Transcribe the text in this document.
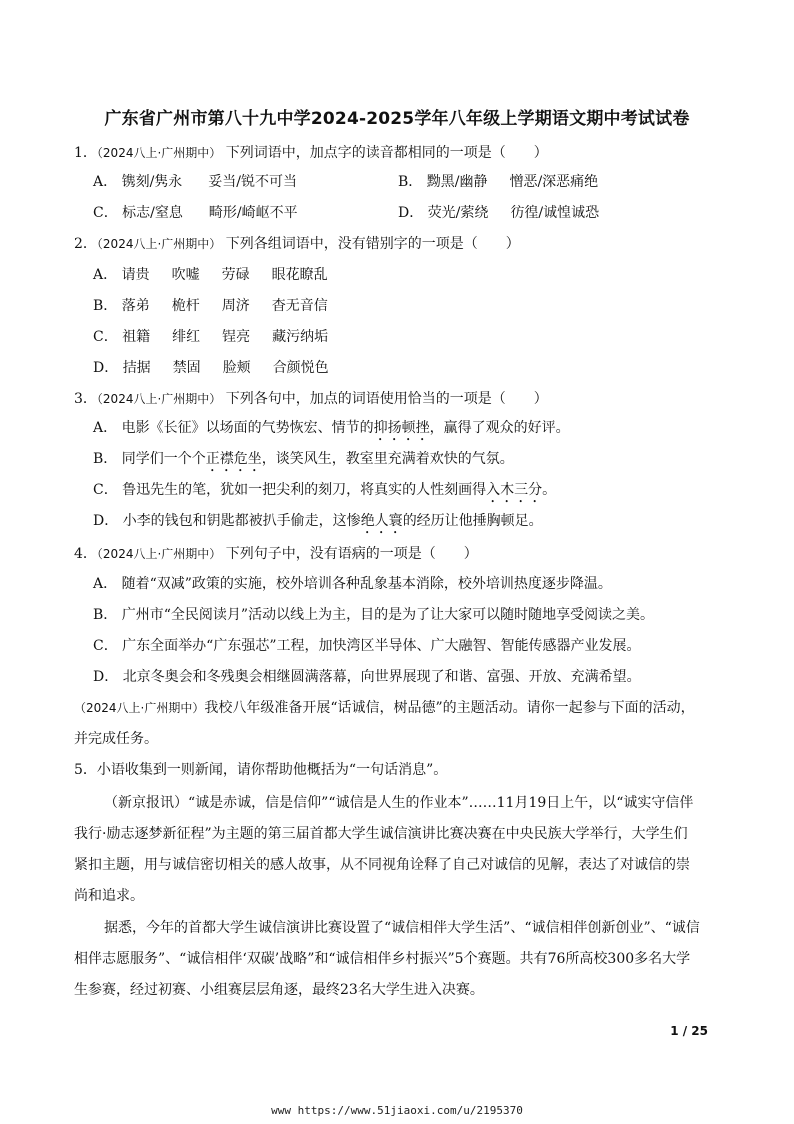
广东省广州市第八十九中学2024-2025学年八年级上学期语文期中考试试卷
1．（2024八上·广州期中） 下列词语中，加点字的读音都相同的一项是（　　）
A． 镌刻/隽永 妥当/锐不可当	B． 黝黑/幽静 憎恶/深恶痛绝
C． 标志/窒息 畸形/崎岖不平	D． 荧光/萦绕 彷徨/诚惶诚恐
2．（2024八上·广州期中） 下列各组词语中，没有错别字的一项是（　　）
A． 请贵 吹嘘 劳碌 眼花瞭乱
B． 落弟 桅杆 周济 杳无音信
C． 祖籍 绯红 锃亮 藏污纳垢
D． 拮据 禁固 脸颊 合颜悦色
3．（2024八上·广州期中） 下列各句中，加点的词语使用恰当的一项是（　　）
A． 电影《长征》以场面的气势恢宏、情节的抑扬顿挫，赢得了观众的好评。
B． 同学们一个个正襟危坐，谈笑风生，教室里充满着欢快的气氛。
C． 鲁迅先生的笔，犹如一把尖利的刻刀，将真实的人性刻画得入木三分。
D． 小李的钱包和钥匙都被扒手偷走，这惨绝人寰的经历让他捶胸顿足。
4．（2024八上·广州期中） 下列句子中，没有语病的一项是（　　）
A． 随着“双减”政策的实施，校外培训各种乱象基本消除，校外培训热度逐步降温。
B． 广州市“全民阅读月”活动以线上为主，目的是为了让大家可以随时随地享受阅读之美。
C． 广东全面举办“广东强芯”工程，加快湾区半导体、广大融智、智能传感器产业发展。
D． 北京冬奥会和冬残奥会相继圆满落幕，向世界展现了和谐、富强、开放、充满希望。
（2024八上·广州期中）我校八年级准备开展“话诚信，树品德”的主题活动。请你一起参与下面的活动，
并完成任务。
5．小语收集到一则新闻，请你帮助他概括为“一句话消息”。
（新京报讯）“诚是赤诚，信是信仰”“诚信是人生的作业本”……11月19日上午，以“诚实守信伴
我行·励志逐梦新征程”为主题的第三届首都大学生诚信演讲比赛决赛在中央民族大学举行，大学生们
紧扣主题，用与诚信密切相关的感人故事，从不同视角诠释了自己对诚信的见解，表达了对诚信的崇
尚和追求。
据悉，今年的首都大学生诚信演讲比赛设置了“诚信相伴大学生活”、“诚信相伴创新创业”、“诚信
相伴志愿服务”、“诚信相伴‘双碳’战略”和“诚信相伴乡村振兴”5个赛题。共有76所高校300多名大学
生参赛，经过初赛、小组赛层层角逐，最终23名大学生进入决赛。
1 / 25
www https://www.51jiaoxi.com/u/2195370
